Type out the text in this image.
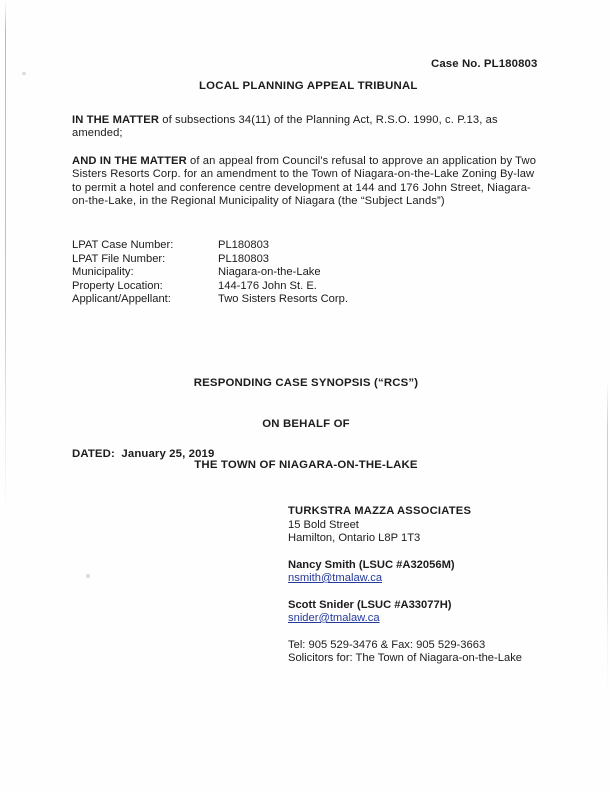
Case No. PL180803
LOCAL PLANNING APPEAL TRIBUNAL
IN THE MATTER of subsections 34(11) of the Planning Act, R.S.O. 1990, c. P.13, as amended;
AND IN THE MATTER of an appeal from Council's refusal to approve an application by Two Sisters Resorts Corp. for an amendment to the Town of Niagara-on-the-Lake Zoning By-law to permit a hotel and conference centre development at 144 and 176 John Street, Niagara-on-the-Lake, in the Regional Municipality of Niagara (the “Subject Lands”)
LPAT Case Number:	PL180803
LPAT File Number:	PL180803
Municipality:	Niagara-on-the-Lake
Property Location:	144-176 John St. E.
Applicant/Appellant:	Two Sisters Resorts Corp.

RESPONDING CASE SYNOPSIS (“RCS”)

ON BEHALF OF

THE TOWN OF NIAGARA-ON-THE-LAKE

DATED:  January 25, 2019
TURKSTRA MAZZA ASSOCIATES
15 Bold Street
Hamilton, Ontario L8P 1T3
Nancy Smith (LSUC #A32056M)
nsmith@tmalaw.ca
Scott Snider (LSUC #A33077H)
snider@tmalaw.ca
Tel: 905 529-3476 & Fax: 905 529-3663
Solicitors for: The Town of Niagara-on-the-Lake
